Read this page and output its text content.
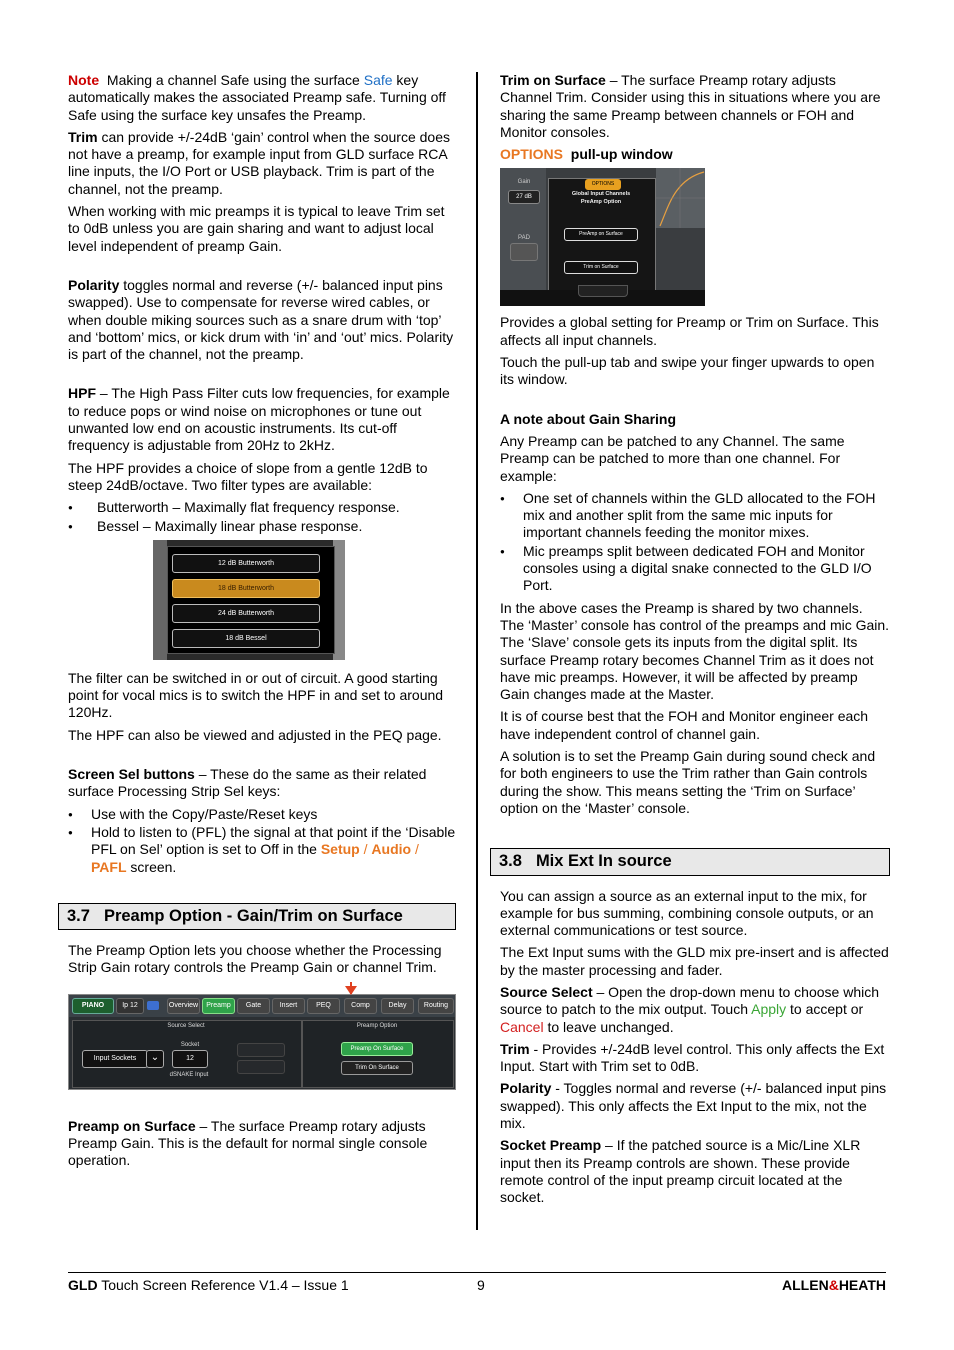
Note Making a channel Safe using the surface Safe key automatically makes the associated Preamp safe. Turning off Safe using the surface key unsafes the Preamp.

Trim can provide +/-24dB ‘gain’ control when the source does not have a preamp, for example input from GLD surface RCA line inputs, the I/O Port or USB playback. Trim is part of the channel, not the preamp.

When working with mic preamps it is typical to leave Trim set to 0dB unless you are gain sharing and want to adjust local level independent of preamp Gain.

Polarity toggles normal and reverse (+/- balanced input pins swapped). Use to compensate for reverse wired cables, or when double miking sources such as a snare drum with ‘top’ and ‘bottom’ mics, or kick drum with ‘in’ and ‘out’ mics. Polarity is part of the channel, not the preamp.

HPF – The High Pass Filter cuts low frequencies, for example to reduce pops or wind noise on microphones or tune out unwanted low end on acoustic instruments. Its cut-off frequency is adjustable from 20Hz to 2kHz.

The HPF provides a choice of slope from a gentle 12dB to steep 24dB/octave. Two filter types are available:

● Butterworth – Maximally flat frequency response.
● Bessel – Maximally linear phase response.
12 dB Butterworth
18 dB Butterworth
24 dB Butterworth
18 dB Bessel

The filter can be switched in or out of circuit. A good starting point for vocal mics is to switch the HPF in and set to around 120Hz.

The HPF can also be viewed and adjusted in the PEQ page.

Screen Sel buttons – These do the same as their related surface Processing Strip Sel keys:

● Use with the Copy/Paste/Reset keys
● Hold to listen to (PFL) the signal at that point if the ‘Disable PFL on Sel’ option is set to Off in the Setup / Audio / PAFL screen.
3.7 Preamp Option - Gain/Trim on Surface

The Preamp Option lets you choose whether the Processing Strip Gain rotary controls the Preamp Gain or channel Trim.

PIANO	Ip 12	Overview	Preamp	Gate	Insert	PEQ	Comp	Delay	Routing
Source Select
Socket
Input Sockets	⌄	12
dSNAKE Input
Preamp Option
Preamp On Surface
Trim On Surface

Preamp on Surface – The surface Preamp rotary adjusts Preamp Gain. This is the default for normal single console operation.

Trim on Surface – The surface Preamp rotary adjusts Channel Trim. Consider using this in situations where you are sharing the same Preamp between channels or FOH and Monitor consoles.

OPTIONS pull-up window

Gain
27 dB
PAD
OPTIONS
Global Input Channels
PreAmp Option
PreAmp on Surface
Trim on Surface

Provides a global setting for Preamp or Trim on Surface. This affects all input channels.

Touch the pull-up tab and swipe your finger upwards to open its window.

A note about Gain Sharing

Any Preamp can be patched to any Channel. The same Preamp can be patched to more than one channel. For example:

● One set of channels within the GLD allocated to the FOH mix and another split from the same mic inputs for important channels feeding the monitor mixes.
● Mic preamps split between dedicated FOH and Monitor consoles using a digital snake connected to the GLD I/O Port.

In the above cases the Preamp is shared by two channels. The ‘Master’ console has control of the preamps and mic Gain. The ‘Slave’ console gets its inputs from the digital split. Its surface Preamp rotary becomes Channel Trim as it does not have mic preamps. However, it will be affected by preamp Gain changes made at the Master.

It is of course best that the FOH and Monitor engineer each have independent control of channel gain.

A solution is to set the Preamp Gain during sound check and for both engineers to use the Trim rather than Gain controls during the show. This means setting the ‘Trim on Surface’ option on the ‘Master’ console.

3.8 Mix Ext In source

You can assign a source as an external input to the mix, for example for bus summing, combining console outputs, or an external communications or test source.

The Ext Input sums with the GLD mix pre-insert and is affected by the master processing and fader.

Source Select – Open the drop-down menu to choose which source to patch to the mix output. Touch Apply to accept or Cancel to leave unchanged.

Trim - Provides +/-24dB level control. This only affects the Ext Input. Start with Trim set to 0dB.

Polarity - Toggles normal and reverse (+/- balanced input pins swapped). This only affects the Ext Input to the mix, not the mix.

Socket Preamp – If the patched source is a Mic/Line XLR input then its Preamp controls are shown. These provide remote control of the input preamp circuit located at the socket.

GLD Touch Screen Reference V1.4 – Issue 1	9	ALLEN&HEATH
